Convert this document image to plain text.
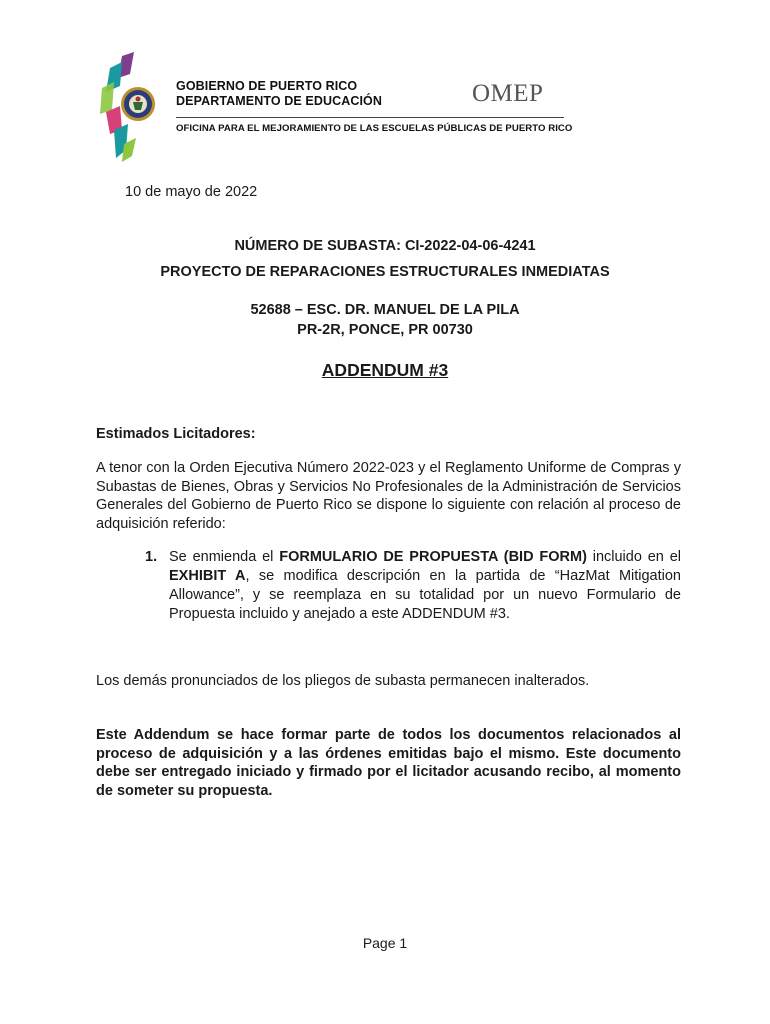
GOBIERNO DE PUERTO RICO
DEPARTAMENTO DE EDUCACIÓN	OMEP
OFICINA PARA EL MEJORAMIENTO DE LAS ESCUELAS PÚBLICAS DE PUERTO RICO
10 de mayo de 2022
NÚMERO DE SUBASTA: CI-2022-04-06-4241
PROYECTO DE REPARACIONES ESTRUCTURALES INMEDIATAS
52688 – ESC. DR. MANUEL DE LA PILA
PR-2R, PONCE, PR 00730
ADDENDUM #3
Estimados Licitadores:
A tenor con la Orden Ejecutiva Número 2022-023 y el Reglamento Uniforme de Compras y Subastas de Bienes, Obras y Servicios No Profesionales de la Administración de Servicios Generales del Gobierno de Puerto Rico se dispone lo siguiente con relación al proceso de adquisición referido:
1. Se enmienda el FORMULARIO DE PROPUESTA (BID FORM) incluido en el EXHIBIT A, se modifica descripción en la partida de “HazMat Mitigation Allowance”, y se reemplaza en su totalidad por un nuevo Formulario de Propuesta incluido y anejado a este ADDENDUM #3.
Los demás pronunciados de los pliegos de subasta permanecen inalterados.
Este Addendum se hace formar parte de todos los documentos relacionados al proceso de adquisición y a las órdenes emitidas bajo el mismo. Este documento debe ser entregado iniciado y firmado por el licitador acusando recibo, al momento de someter su propuesta.
Page 1
